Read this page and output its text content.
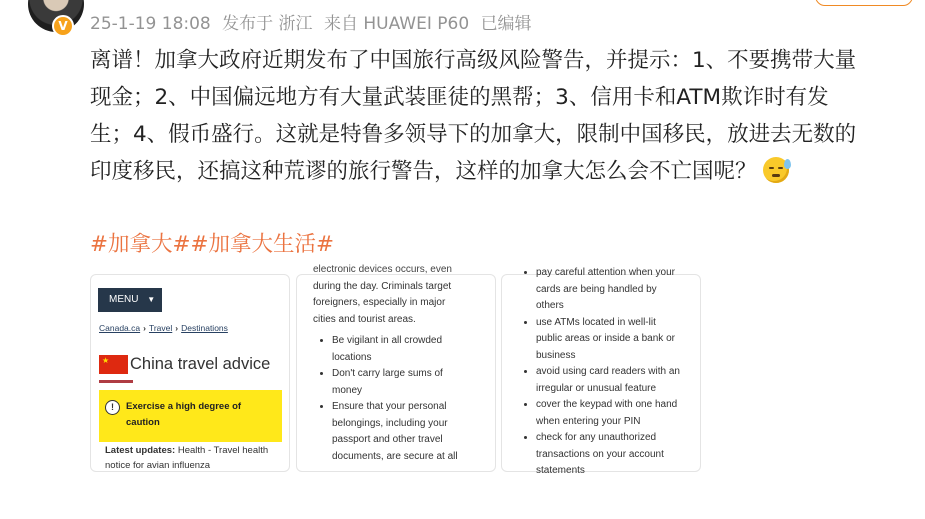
V	25-1-19 18:08 发布于 浙江 来自 HUAWEI P60 已编辑
离谱！加拿大政府近期发布了中国旅行高级风险警告，并提示：1、不要携带大量
现金；2、中国偏远地方有大量武装匪徒的黑帮；3、信用卡和ATM欺诈时有发
生；4、假币盛行。这就是特鲁多领导下的加拿大，限制中国移民，放进去无数的
印度移民，还搞这种荒谬的旅行警告，这样的加拿大怎么会不亡国呢？
#加拿大##加拿大生活#
MENU ▼
Canada.ca › Travel › Destinations
★ China travel advice
!	Exercise a high degree of caution
Latest updates: Health - Travel health notice for avian influenza

electronic devices occurs, even

during the day. Criminals target

foreigners, especially in major

cities and tourist areas.

• Be vigilant in all crowded locations
• Don't carry large sums of money
• Ensure that your personal belongings, including your passport and other travel documents, are secure at all
• pay careful attention when your cards are being handled by others
• use ATMs located in well-lit public areas or inside a bank or business
• avoid using card readers with an irregular or unusual feature
• cover the keypad with one hand when entering your PIN
• check for any unauthorized transactions on your account statements
